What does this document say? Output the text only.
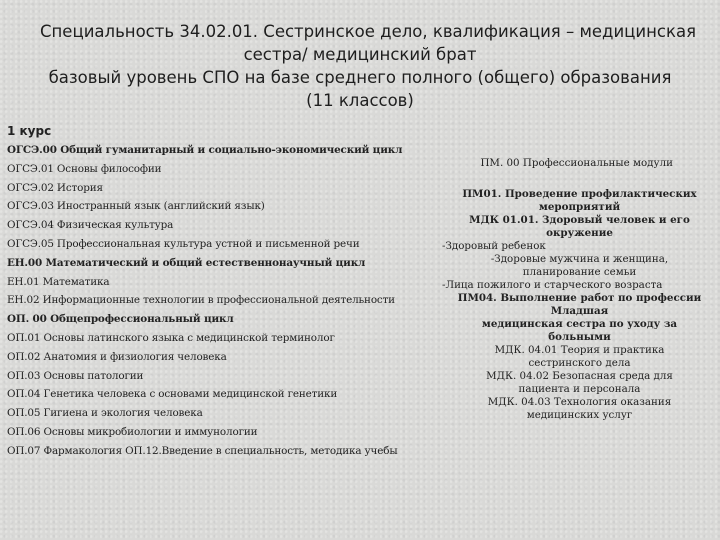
Специальность 34.02.01. Сестринское дело, квалификация – медицинская
сестра/ медицинский брат
базовый уровень СПО на базе среднего полного (общего) образования
(11 классов)
1 курс
ОГСЭ.00 Общий гуманитарный и социально-экономический цикл
ОГСЭ.01 Основы философии
ОГСЭ.02 История
ОГСЭ.03 Иностранный язык (английский язык)
ОГСЭ.04 Физическая культура
ОГСЭ.05 Профессиональная культура устной и письменной речи
ЕН.00 Математический и общий естественнонаучный цикл
ЕН.01 Математика
ЕН.02 Информационные технологии в профессиональной деятельности
ОП. 00 Общепрофессиональный цикл
ОП.01 Основы латинского языка с медицинской терминолог
ОП.02 Анатомия и физиология человека
ОП.03 Основы патологии
ОП.04 Генетика человека с основами медицинской генетики
ОП.05 Гигиена и экология человека
ОП.06 Основы микробиологии и иммунологии
ОП.07 Фармакология ОП.12.Введение в специальность, методика учебы
ПМ. 00 Профессиональные модули
ПМ01. Проведение профилактических
мероприятий
МДК 01.01. Здоровый человек и его
окружение
-Здоровый ребенок
-Здоровые мужчина и женщина,
планирование семьи
-Лица пожилого и старческого возраста
ПМ04. Выполнение работ по профессии
Младшая
медицинская сестра по уходу за
больными
МДК. 04.01 Теория и практика
сестринского дела
МДК. 04.02 Безопасная среда для
пациента и персонала
МДК. 04.03 Технология оказания
медицинских услуг
